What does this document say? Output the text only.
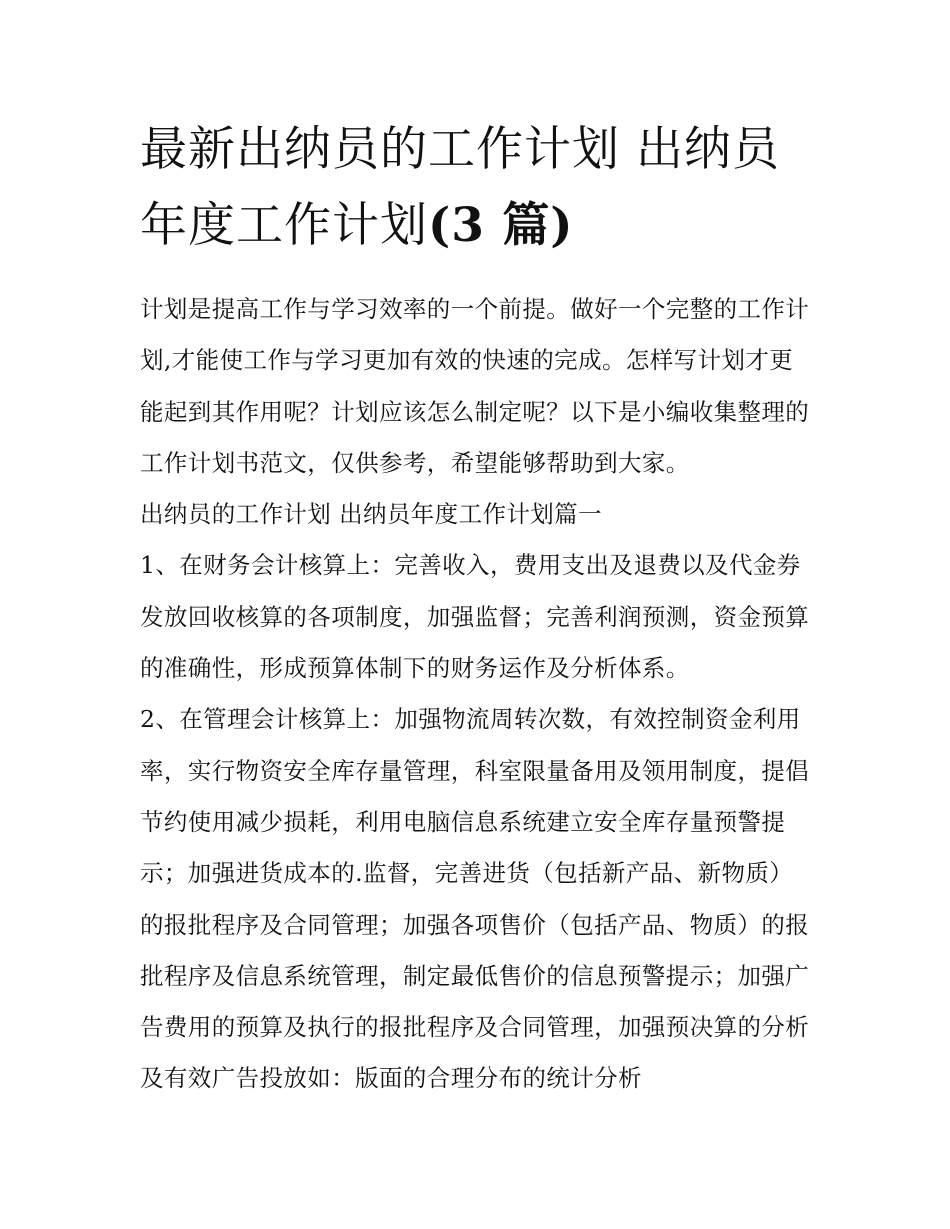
最新出纳员的工作计划 出纳员
年度工作计划(3 篇)

计划是提高工作与学习效率的一个前提。做好一个完整的工作计划,才能使工作与学习更加有效的快速的完成。怎样写计划才更能起到其作用呢？计划应该怎么制定呢？以下是小编收集整理的工作计划书范文，仅供参考，希望能够帮助到大家。

出纳员的工作计划 出纳员年度工作计划篇一

1、在财务会计核算上：完善收入，费用支出及退费以及代金券发放回收核算的各项制度，加强监督；完善利润预测，资金预算的准确性，形成预算体制下的财务运作及分析体系。

2、在管理会计核算上：加强物流周转次数，有效控制资金利用率，实行物资安全库存量管理，科室限量备用及领用制度，提倡节约使用减少损耗，利用电脑信息系统建立安全库存量预警提示；加强进货成本的.监督，完善进货（包括新产品、新物质）的报批程序及合同管理；加强各项售价（包括产品、物质）的报批程序及信息系统管理，制定最低售价的信息预警提示；加强广告费用的预算及执行的报批程序及合同管理，加强预决算的分析及有效广告投放如：版面的合理分布的统计分析
